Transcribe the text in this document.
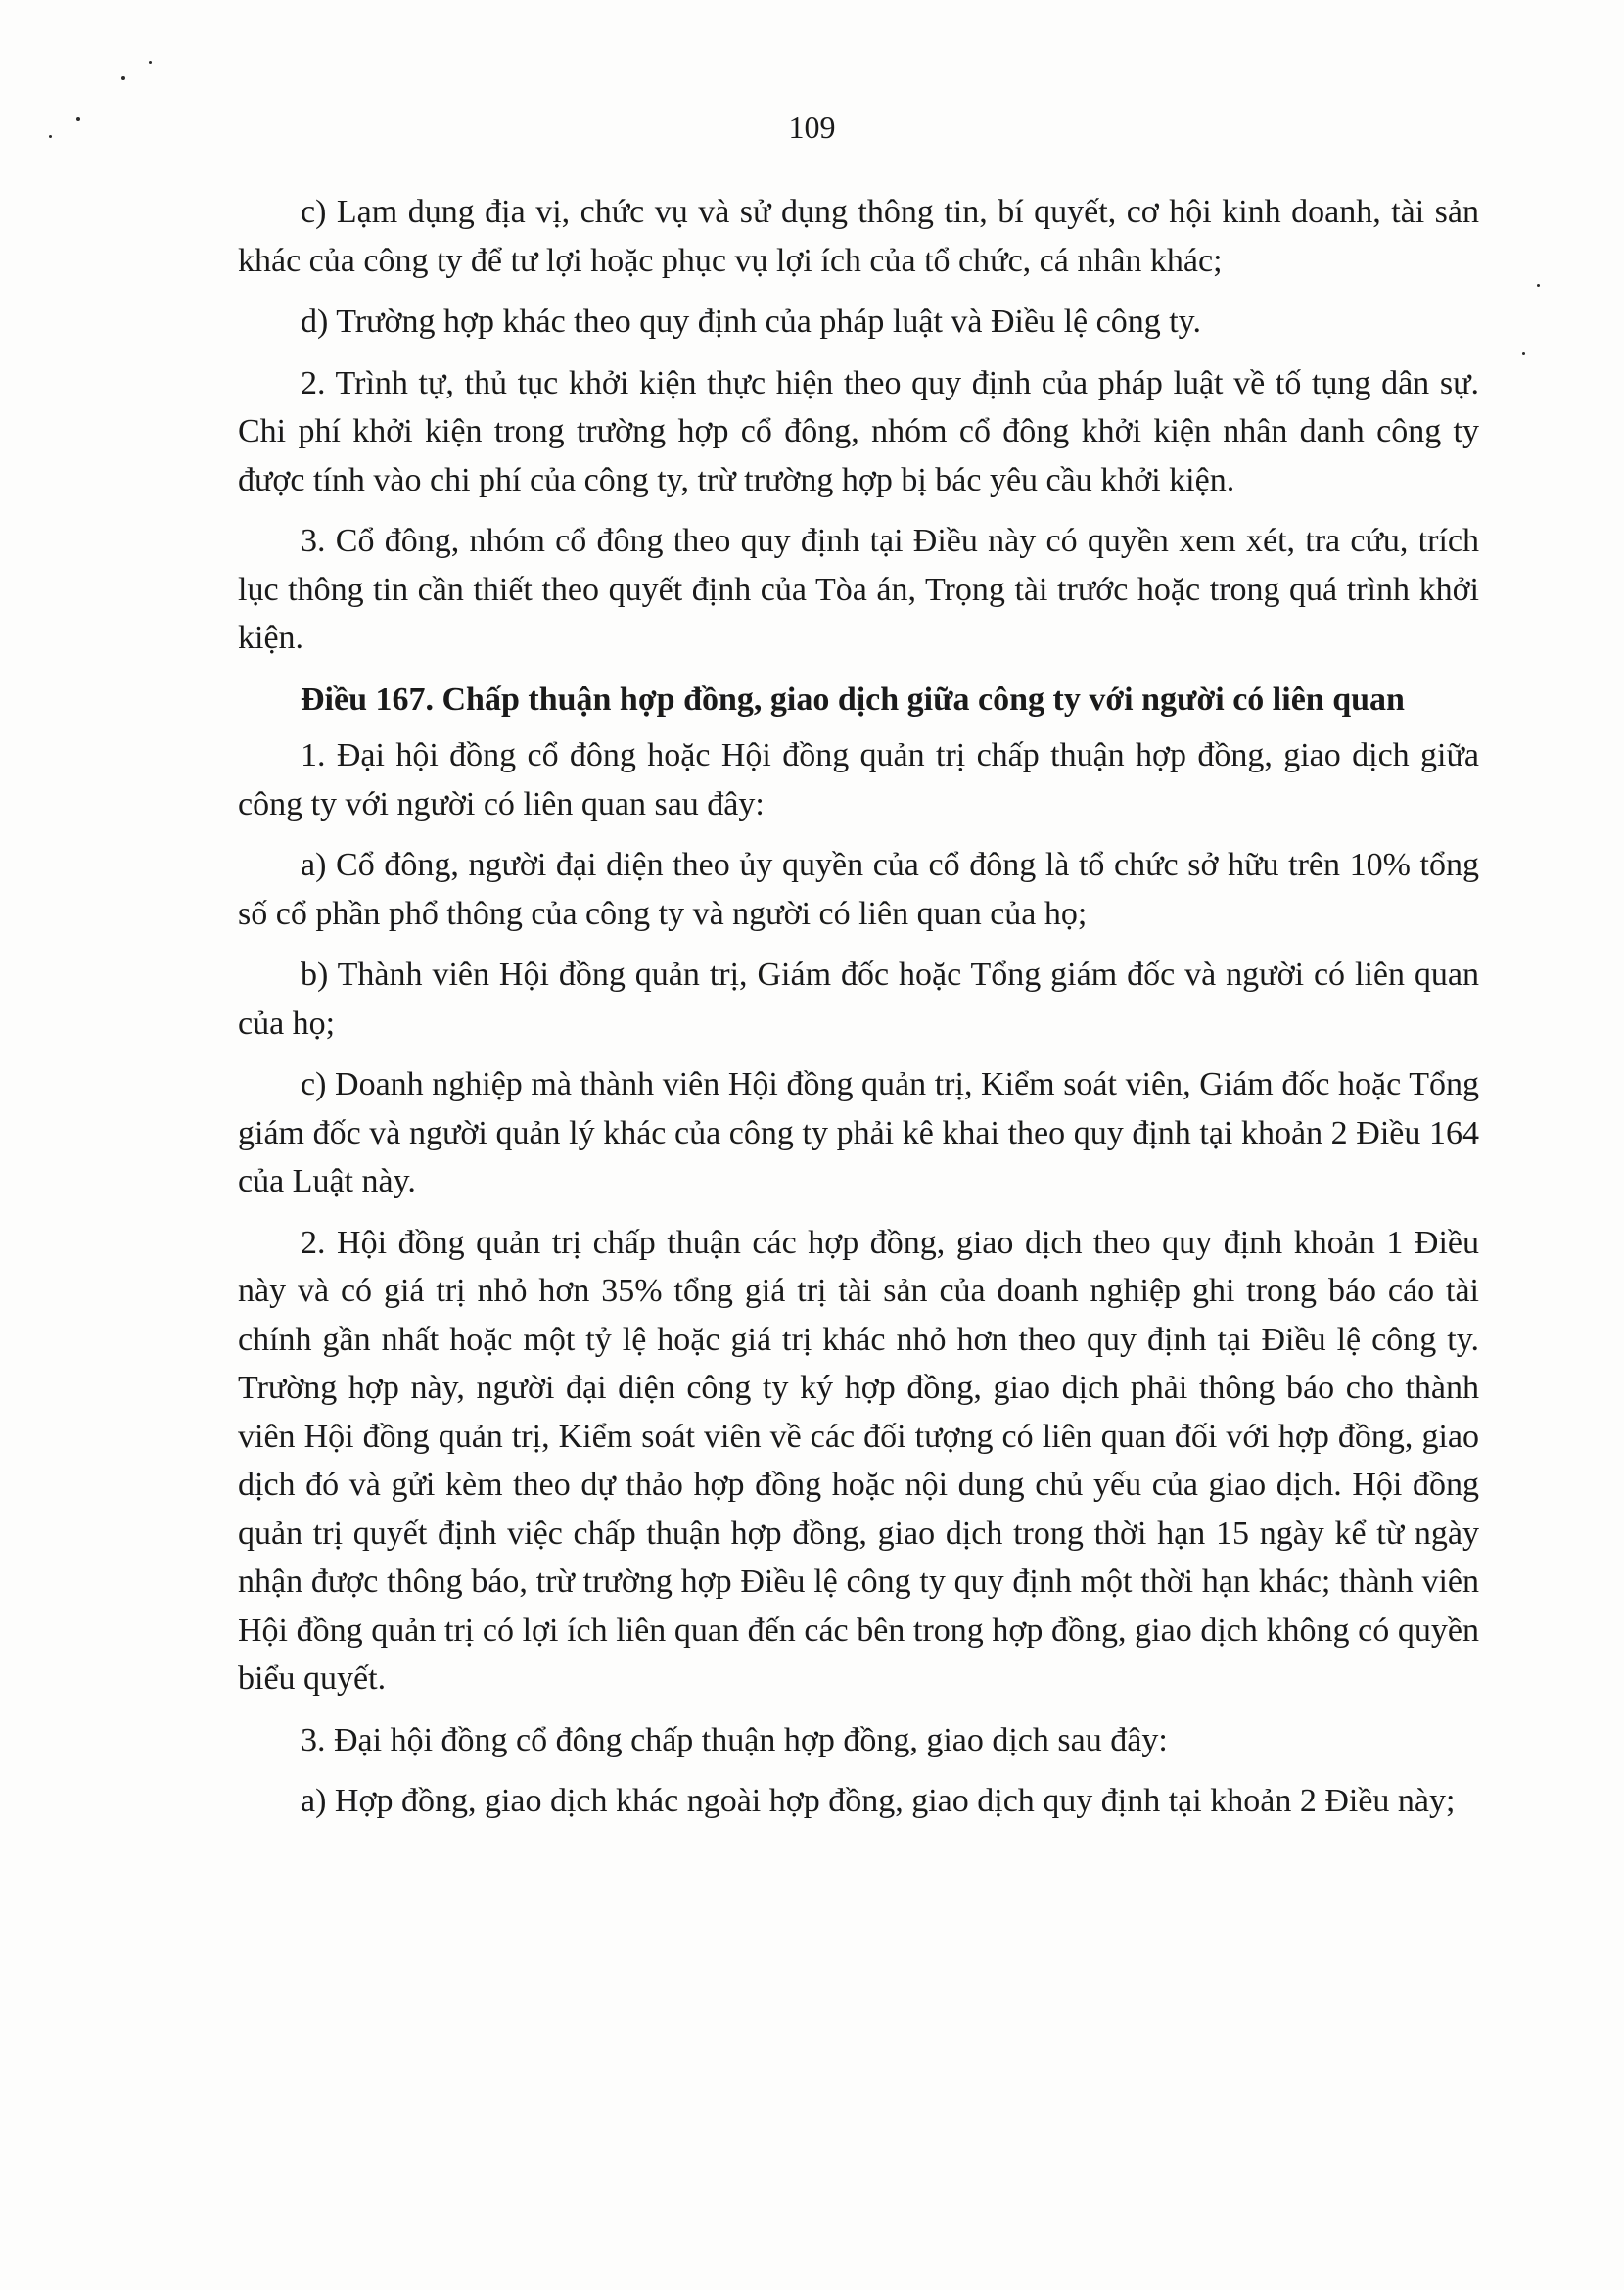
109

c) Lạm dụng địa vị, chức vụ và sử dụng thông tin, bí quyết, cơ hội kinh doanh, tài sản khác của công ty để tư lợi hoặc phục vụ lợi ích của tổ chức, cá nhân khác;

d) Trường hợp khác theo quy định của pháp luật và Điều lệ công ty.

2. Trình tự, thủ tục khởi kiện thực hiện theo quy định của pháp luật về tố tụng dân sự. Chi phí khởi kiện trong trường hợp cổ đông, nhóm cổ đông khởi kiện nhân danh công ty được tính vào chi phí của công ty, trừ trường hợp bị bác yêu cầu khởi kiện.

3. Cổ đông, nhóm cổ đông theo quy định tại Điều này có quyền xem xét, tra cứu, trích lục thông tin cần thiết theo quyết định của Tòa án, Trọng tài trước hoặc trong quá trình khởi kiện.

Điều 167. Chấp thuận hợp đồng, giao dịch giữa công ty với người có liên quan

1. Đại hội đồng cổ đông hoặc Hội đồng quản trị chấp thuận hợp đồng, giao dịch giữa công ty với người có liên quan sau đây:

a) Cổ đông, người đại diện theo ủy quyền của cổ đông là tổ chức sở hữu trên 10% tổng số cổ phần phổ thông của công ty và người có liên quan của họ;

b) Thành viên Hội đồng quản trị, Giám đốc hoặc Tổng giám đốc và người có liên quan của họ;

c) Doanh nghiệp mà thành viên Hội đồng quản trị, Kiểm soát viên, Giám đốc hoặc Tổng giám đốc và người quản lý khác của công ty phải kê khai theo quy định tại khoản 2 Điều 164 của Luật này.

2. Hội đồng quản trị chấp thuận các hợp đồng, giao dịch theo quy định khoản 1 Điều này và có giá trị nhỏ hơn 35% tổng giá trị tài sản của doanh nghiệp ghi trong báo cáo tài chính gần nhất hoặc một tỷ lệ hoặc giá trị khác nhỏ hơn theo quy định tại Điều lệ công ty. Trường hợp này, người đại diện công ty ký hợp đồng, giao dịch phải thông báo cho thành viên Hội đồng quản trị, Kiểm soát viên về các đối tượng có liên quan đối với hợp đồng, giao dịch đó và gửi kèm theo dự thảo hợp đồng hoặc nội dung chủ yếu của giao dịch. Hội đồng quản trị quyết định việc chấp thuận hợp đồng, giao dịch trong thời hạn 15 ngày kể từ ngày nhận được thông báo, trừ trường hợp Điều lệ công ty quy định một thời hạn khác; thành viên Hội đồng quản trị có lợi ích liên quan đến các bên trong hợp đồng, giao dịch không có quyền biểu quyết.

3. Đại hội đồng cổ đông chấp thuận hợp đồng, giao dịch sau đây:

a) Hợp đồng, giao dịch khác ngoài hợp đồng, giao dịch quy định tại khoản 2 Điều này;
